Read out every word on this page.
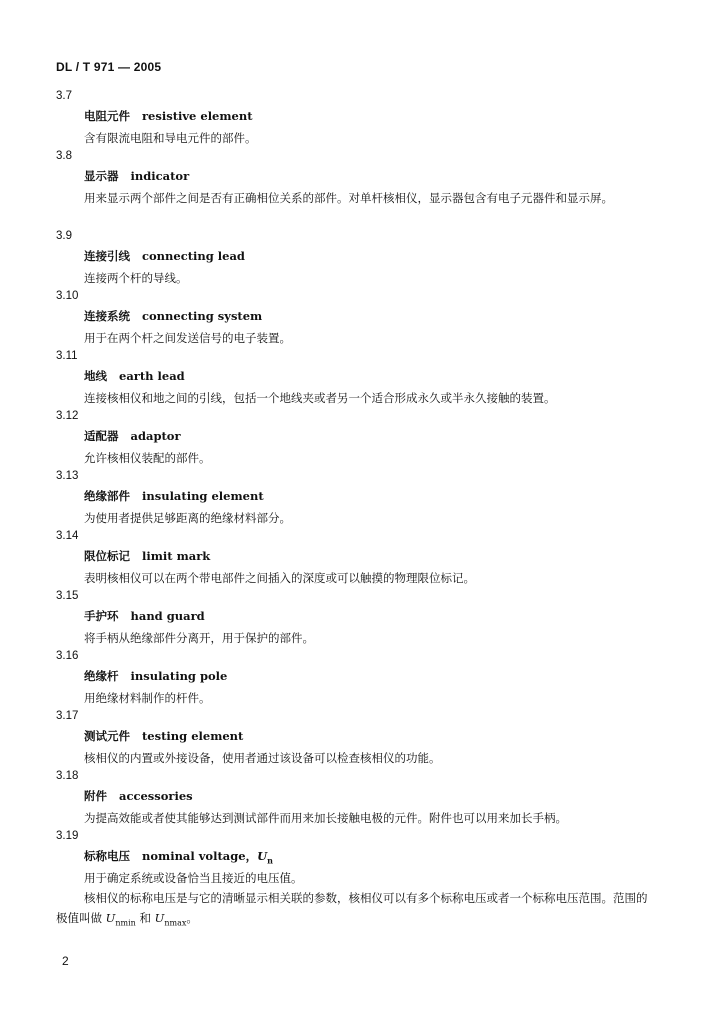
DL / T 971 — 2005
3.7
电阻元件 resistive element

含有限流电阻和导电元件的部件。

3.8
显示器 indicator

用来显示两个部件之间是否有正确相位关系的部件。对单杆核相仪，显示器包含有电子元器件和显示屏。

3.9
连接引线 connecting lead

连接两个杆的导线。

3.10
连接系统 connecting system

用于在两个杆之间发送信号的电子装置。

3.11
地线 earth lead

连接核相仪和地之间的引线，包括一个地线夹或者另一个适合形成永久或半永久接触的装置。

3.12
适配器 adaptor

允许核相仪装配的部件。

3.13
绝缘部件 insulating element

为使用者提供足够距离的绝缘材料部分。

3.14
限位标记 limit mark

表明核相仪可以在两个带电部件之间插入的深度或可以触摸的物理限位标记。

3.15
手护环 hand guard

将手柄从绝缘部件分离开，用于保护的部件。

3.16
绝缘杆 insulating pole

用绝缘材料制作的杆件。

3.17
测试元件 testing element

核相仪的内置或外接设备，使用者通过该设备可以检查核相仪的功能。

3.18
附件 accessories

为提高效能或者使其能够达到测试部件而用来加长接触电极的元件。附件也可以用来加长手柄。

3.19
标称电压 nominal voltage，$U_n$

用于确定系统或设备恰当且接近的电压值。

核相仪的标称电压是与它的清晰显示相关联的参数，核相仪可以有多个标称电压或者一个标称电压范围。范围的极值叫做 $U_{nmin}$ 和 $U_{nmax}$。

2
